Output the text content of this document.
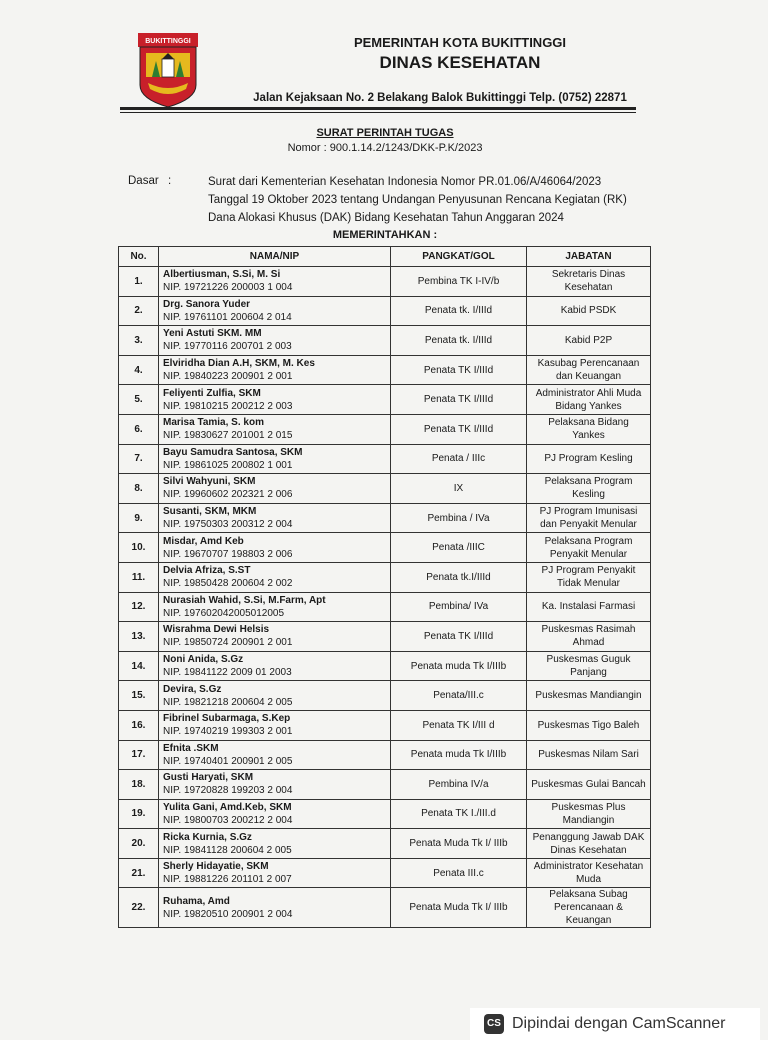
BUKITTINGGI	PEMERINTAH KOTA BUKITTINGGI
DINAS KESEHATAN
Jalan Kejaksaan No. 2 Belakang Balok Bukittinggi Telp. (0752) 22871
SURAT PERINTAH TUGAS
Nomor : 900.1.14.2/1243/DKK-P.K/2023
Dasar :	Surat dari Kementerian Kesehatan Indonesia Nomor PR.01.06/A/46064/2023
Tanggal 19 Oktober 2023 tentang Undangan Penyusunan Rencana Kegiatan (RK)
Dana Alokasi Khusus (DAK) Bidang Kesehatan Tahun Anggaran 2024
MEMERINTAHKAN :
No.	NAMA/NIP	PANGKAT/GOL	JABATAN
1.	Albertiusman, S.Si, M. Si
NIP. 19721226 200003 1 004	Pembina TK I-IV/b	Sekretaris Dinas Kesehatan
2.	Drg. Sanora Yuder
NIP. 19761101 200604 2 014	Penata tk. I/IIId	Kabid PSDK
3.	Yeni Astuti SKM. MM
NIP. 19770116 200701 2 003	Penata tk. I/IIId	Kabid P2P
4.	Elviridha Dian A.H, SKM, M. Kes
NIP. 19840223 200901 2 001	Penata TK I/IIId	Kasubag Perencanaan dan Keuangan
5.	Feliyenti Zulfia, SKM
NIP. 19810215 200212 2 003	Penata TK I/IIId	Administrator Ahli Muda Bidang Yankes
6.	Marisa Tamia, S. kom
NIP. 19830627 201001 2 015	Penata TK I/IIId	Pelaksana Bidang Yankes
7.	Bayu Samudra Santosa, SKM
NIP. 19861025 200802 1 001	Penata / IIIc	PJ Program Kesling
8.	Silvi Wahyuni, SKM
NIP. 19960602 202321 2 006	IX	Pelaksana Program Kesling
9.	Susanti, SKM, MKM
NIP. 19750303 200312 2 004	Pembina / IVa	PJ Program Imunisasi dan Penyakit Menular
10.	Misdar, Amd Keb
NIP. 19670707 198803 2 006	Penata /IIIC	Pelaksana Program Penyakit Menular
11.	Delvia Afriza, S.ST
NIP. 19850428 200604 2 002	Penata tk.I/IIId	PJ Program Penyakit Tidak Menular
12.	Nurasiah Wahid, S.Si, M.Farm, Apt
NIP. 197602042005012005	Pembina/ IVa	Ka. Instalasi Farmasi
13.	Wisrahma Dewi Helsis
NIP. 19850724 200901 2 001	Penata TK I/IIId	Puskesmas Rasimah Ahmad
14.	Noni Anida, S.Gz
NIP. 19841122 2009 01 2003	Penata muda Tk I/IIIb	Puskesmas Guguk Panjang
15.	Devira, S.Gz
NIP. 19821218 200604 2 005	Penata/III.c	Puskesmas Mandiangin
16.	Fibrinel Subarmaga, S.Kep
NIP. 19740219 199303 2 001	Penata TK I/III d	Puskesmas Tigo Baleh
17.	Efnita .SKM
NIP. 19740401 200901 2 005	Penata muda Tk I/IIIb	Puskesmas Nilam Sari
18.	Gusti Haryati, SKM
NIP. 19720828 199203 2 004	Pembina IV/a	Puskesmas Gulai Bancah
19.	Yulita Gani, Amd.Keb, SKM
NIP. 19800703 200212 2 004	Penata TK I./III.d	Puskesmas Plus Mandiangin
20.	Ricka Kurnia, S.Gz
NIP. 19841128 200604 2 005	Penata Muda Tk I/ IIIb	Penanggung Jawab DAK Dinas Kesehatan
21.	Sherly Hidayatie, SKM
NIP. 19881226 201101 2 007	Penata III.c	Administrator Kesehatan Muda
22.	Ruhama, Amd
NIP. 19820510 200901 2 004	Penata Muda Tk I/ IIIb	Pelaksana Subag Perencanaan & Keuangan
CS Dipindai dengan CamScanner
